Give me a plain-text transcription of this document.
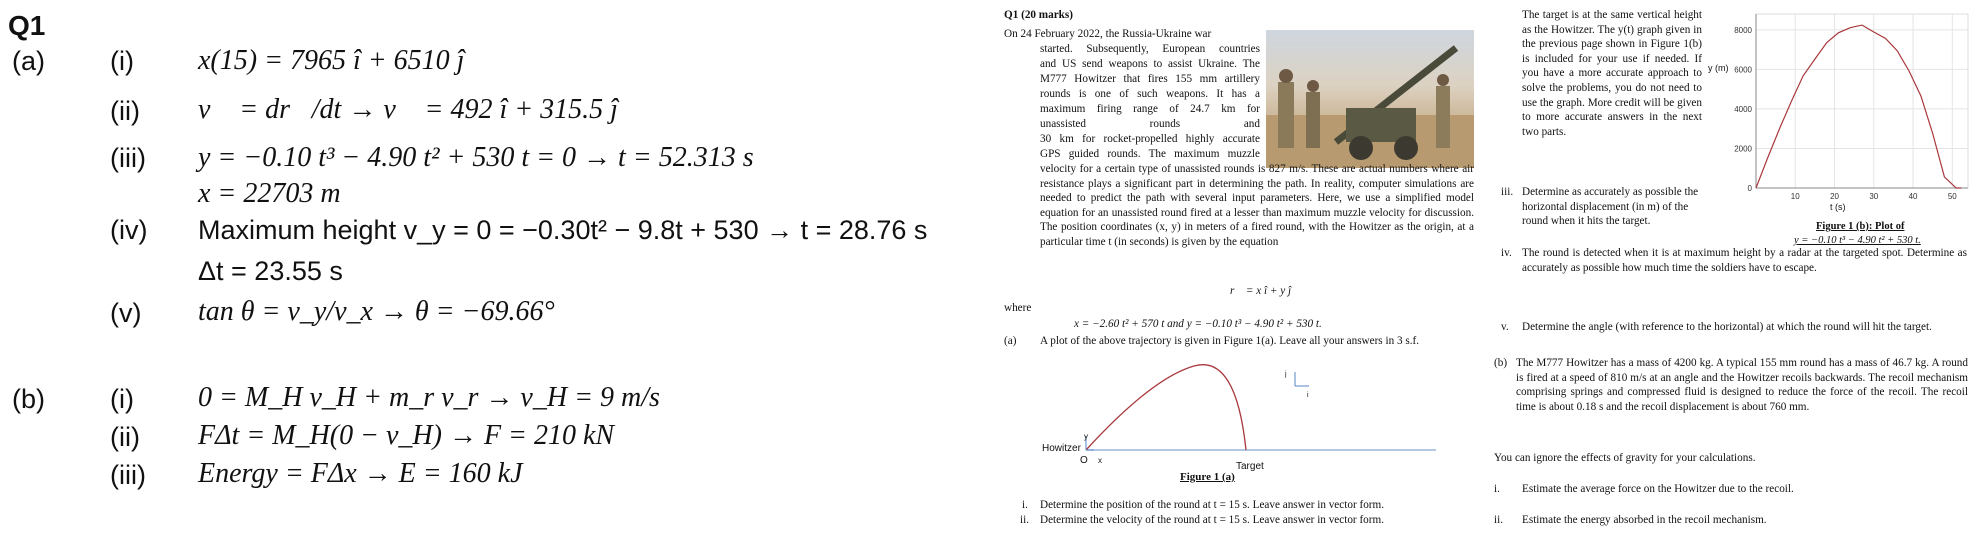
Q1
(a) (i) x(15) = 7965 î + 6510 ĵ
(ii) v⃗ = dr⃗/dt → v⃗ = 492 î + 315.5 ĵ
(iii) y = −0.10 t³ − 4.90 t² + 530 t = 0 → t = 52.313 s
x = 22703 m
(iv) Maximum height v_y = 0 = −0.30t² − 9.8t + 530 → t = 28.76 s
Δt = 23.55 s
(v) tan θ = v_y/v_x → θ = −69.66°
(b) (i) 0 = M_H v_H + m_r v_r → v_H = 9 m/s
(ii) FΔt = M_H(0 − v_H) → F = 210 kN
(iii) Energy = FΔx → E = 160 kJ
Q1 (20 marks)
On 24 February 2022, the Russia-Ukraine war
started. Subsequently, European countries
and US send weapons to assist Ukraine. The
M777 Howitzer that fires 155 mm artillery
rounds is one of such weapons. It has a
maximum firing range of 24.7 km for
unassisted rounds and
30 km for rocket-propelled highly accurate
GPS guided rounds. The maximum muzzle
velocity for a certain type of unassisted rounds is 827 m/s. These are actual numbers where air resistance plays a significant part in determining the path. In reality, computer simulations are needed to predict the path with several input parameters. Here, we use a simplified model equation for an unassisted round fired at a lesser than maximum muzzle velocity for discussion. The position coordinates (x, y) in meters of a fired round, with the Howitzer as the origin, at a particular time t (in seconds) is given by the equation
r⃗ = x î + y ĵ
where
x = −2.60 t² + 570 t and y = −0.10 t³ − 4.90 t² + 530 t.
(a) A plot of the above trajectory is given in Figure 1(a). Leave all your answers in 3 s.f.
Howitzer
y
O x
j
i
Target
Figure 1 (a)
i. Determine the position of the round at t = 15 s. Leave answer in vector form.
ii. Determine the velocity of the round at t = 15 s. Leave answer in vector form.
The target is at the same vertical height as the Howitzer. The y(t) graph given in the previous page shown in Figure 1(b) is included for your use if needed. If you have a more accurate approach to solve the problems, you do not need to use the graph. More credit will be given to more accurate answers in the next two parts.
iii. Determine as accurately as possible the horizontal displacement (in m) of the round when it hits the target.
iv. The round is detected when it is at maximum height by a radar at the targeted spot. Determine as accurately as possible how much time the soldiers have to escape.
v. Determine the angle (with reference to the horizontal) at which the round will hit the target.
(b) The M777 Howitzer has a mass of 4200 kg. A typical 155 mm round has a mass of 46.7 kg. A round is fired at a speed of 810 m/s at an angle and the Howitzer recoils backwards. The recoil mechanism comprising springs and compressed fluid is designed to reduce the force of the recoil. The recoil time is about 0.18 s and the recoil displacement is about 760 mm.
You can ignore the effects of gravity for your calculations.
i. Estimate the average force on the Howitzer due to the recoil.
ii. Estimate the energy absorbed in the recoil mechanism.
10	20	30	40	50
0
2000
4000
6000
8000
y (m)
t (s)
Figure 1 (b): Plot of
y = −0.10 t³ − 4.90 t² + 530 t.
